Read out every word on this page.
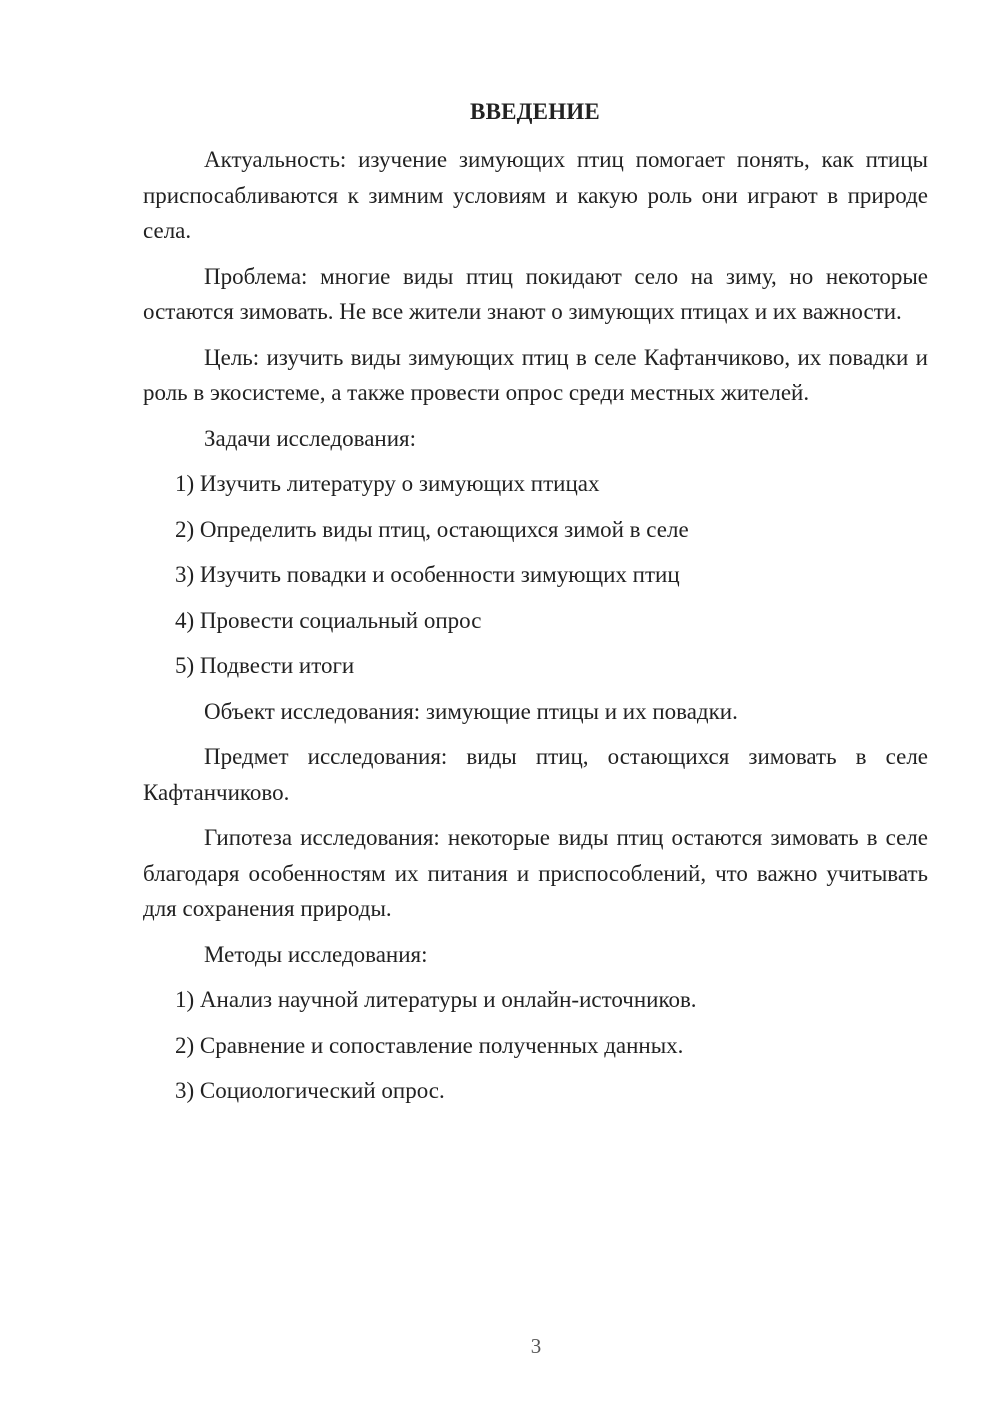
ВВЕДЕНИЕ

Актуальность: изучение зимующих птиц помогает понять, как птицы приспосабливаются к зимним условиям и какую роль они играют в природе села.

Проблема: многие виды птиц покидают село на зиму, но некоторые остаются зимовать. Не все жители знают о зимующих птицах и их важности.

Цель: изучить виды зимующих птиц в селе Кафтанчиково, их повадки и роль в экосистеме, а также провести опрос среди местных жителей.

Задачи исследования:

1) Изучить литературу о зимующих птицах

2) Определить виды птиц, остающихся зимой в селе

3) Изучить повадки и особенности зимующих птиц

4) Провести социальный опрос

5) Подвести итоги

Объект исследования: зимующие птицы и их повадки.

Предмет исследования: виды птиц, остающихся зимовать в селе Кафтанчиково.

Гипотеза исследования: некоторые виды птиц остаются зимовать в селе благодаря особенностям их питания и приспособлений, что важно учитывать для сохранения природы.

Методы исследования:

1) Анализ научной литературы и онлайн-источников.

2) Сравнение и сопоставление полученных данных.

3) Социологический опрос.

3
